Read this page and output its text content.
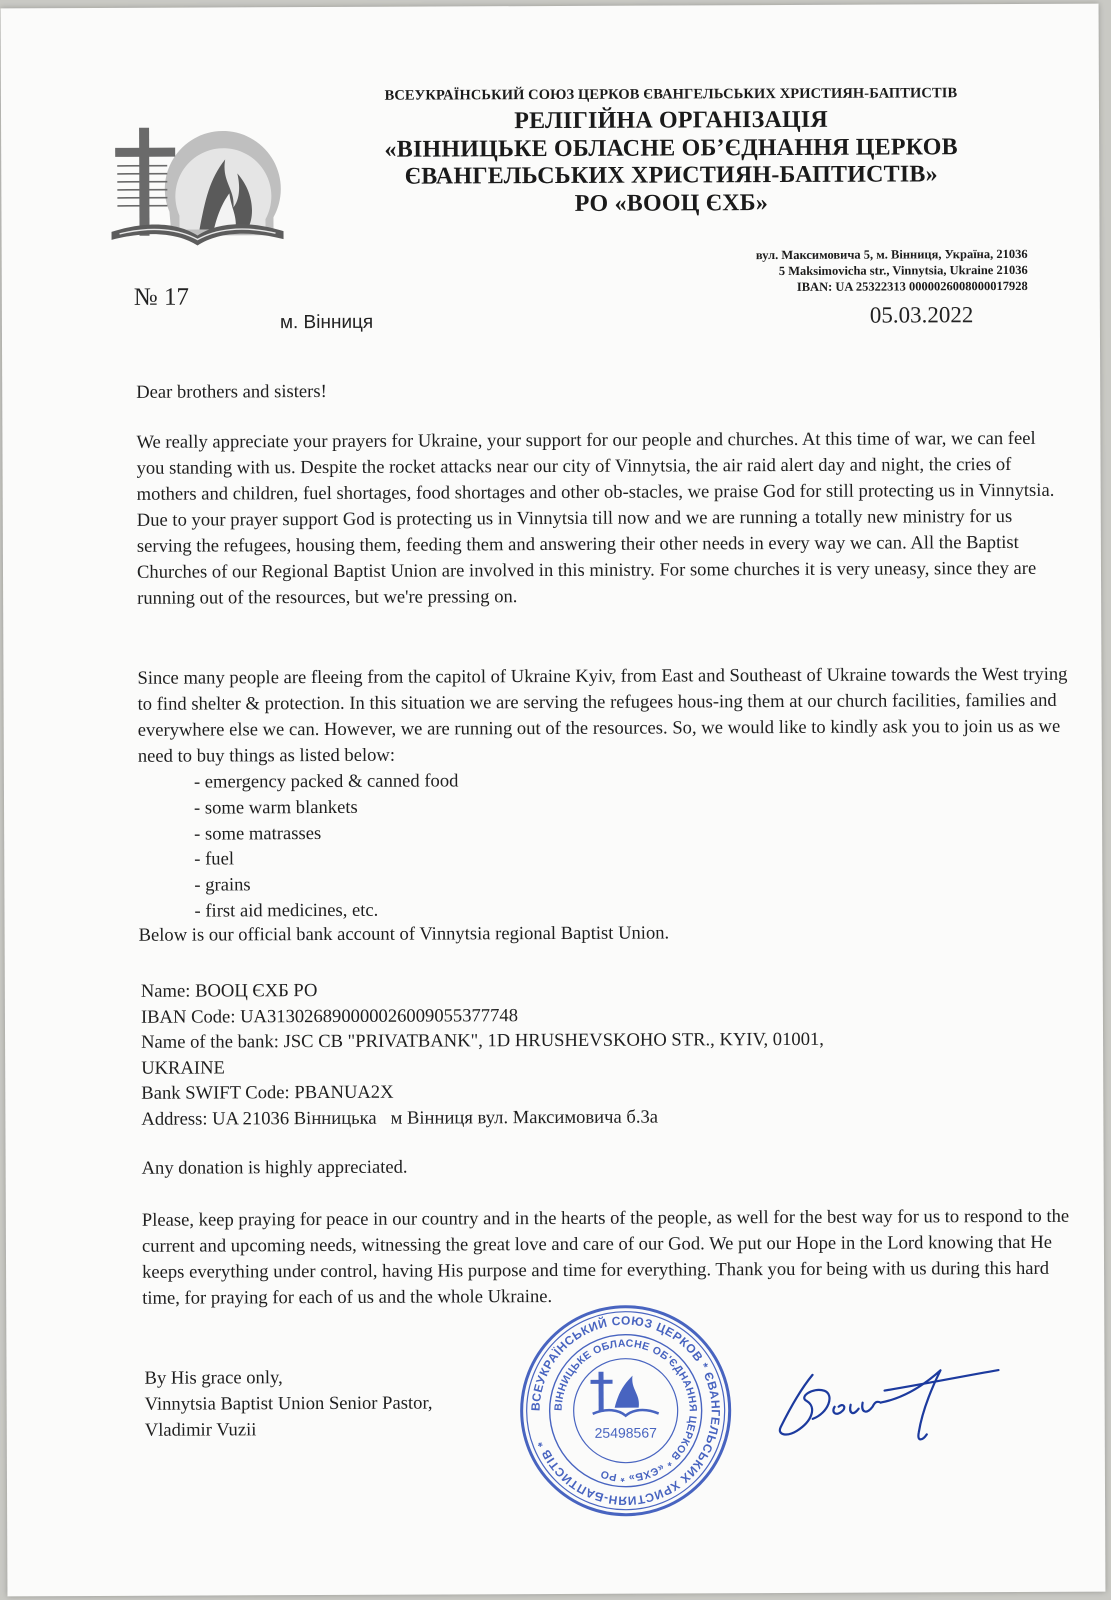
ВСЕУКРАЇНСЬКИЙ СОЮЗ ЦЕРКОВ ЄВАНГЕЛЬСЬКИХ ХРИСТИЯН-БАПТИСТІВ
РЕЛІГІЙНА ОРГАНІЗАЦІЯ
«ВІННИЦЬКЕ ОБЛАСНЕ ОБ’ЄДНАННЯ ЦЕРКОВ
ЄВАНГЕЛЬСЬКИХ ХРИСТИЯН-БАПТИСТІВ»
РО «ВООЦ ЄХБ»
вул. Максимовича 5, м. Вінниця, Україна, 21036
5 Maksimovicha str., Vinnytsia, Ukraine 21036
IBAN: UA 25322313 0000026008000017928
№ 17
м. Вінниця	05.03.2022
Dear brothers and sisters!
We really appreciate your prayers for Ukraine, your support for our people and churches. At this time of war, we can feel you standing with us. Despite the rocket attacks near our city of Vinnytsia, the air raid alert day and night, the cries of mothers and children, fuel shortages, food shortages and other ob-stacles, we praise God for still protecting us in Vinnytsia. Due to your prayer support God is protecting us in Vinnytsia till now and we are running a totally new ministry for us serving the refugees, housing them, feeding them and answering their other needs in every way we can. All the Baptist Churches of our Regional Baptist Union are involved in this ministry. For some churches it is very uneasy, since they are running out of the resources, but we're pressing on.
Since many people are fleeing from the capitol of Ukraine Kyiv, from East and Southeast of Ukraine towards the West trying to find shelter & protection. In this situation we are serving the refugees hous-ing them at our church facilities, families and everywhere else we can. However, we are running out of the resources. So, we would like to kindly ask you to join us as we need to buy things as listed below:
- emergency packed & canned food
- some warm blankets
- some matrasses
- fuel
- grains
- first aid medicines, etc.
Below is our official bank account of Vinnytsia regional Baptist Union.
Name: ВООЦ ЄХБ РО
IBAN Code: UA313026890000026009055377748
Name of the bank: JSC CB "PRIVATBANK", 1D HRUSHEVSKOHO STR., KYIV, 01001,
UKRAINE
Bank SWIFT Code: PBANUA2X
Address: UA 21036 Вінницька   м Вінниця вул. Максимовича б.3а
Any donation is highly appreciated.
Please, keep praying for peace in our country and in the hearts of the people, as well for the best way for us to respond to the current and upcoming needs, witnessing the great love and care of our God. We put our Hope in the Lord knowing that He keeps everything under control, having His purpose and time for everything. Thank you for being with us during this hard time, for praying for each of us and the whole Ukraine.
By His grace only,
Vinnytsia Baptist Union Senior Pastor,
Vladimir Vuzii
ВСЕУКРАЇНСЬКИЙ СОЮЗ ЦЕРКОВ * ЄВАНГЕЛЬСЬКИХ ХРИСТИЯН-БАПТИСТІВ *
ВІННИЦЬКЕ ОБЛАСНЕ ОБ'ЄДНАННЯ ЦЕРКОВ * «ЄХБ» * РО
25498567
